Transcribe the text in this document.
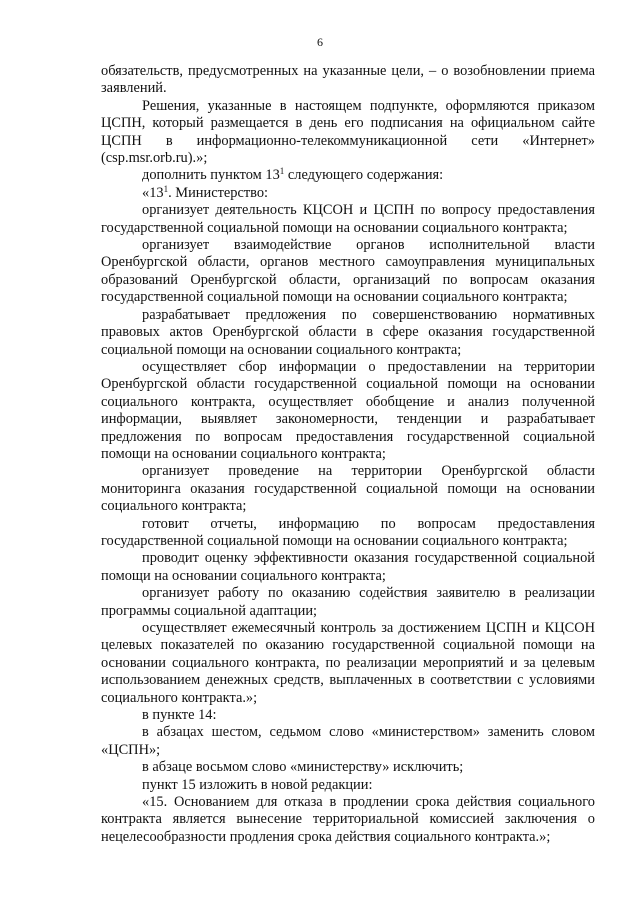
6

обязательств, предусмотренных на указанные цели, – о возобновлении приема заявлений.

Решения, указанные в настоящем подпункте, оформляются приказом ЦСПН, который размещается в день его подписания на официальном сайте ЦСПН в информационно-телекоммуникационной сети «Интернет» (csp.msr.orb.ru).»;

дополнить пунктом $13^1$ следующего содержания:

«$13^1$. Министерство:

организует деятельность КЦСОН и ЦСПН по вопросу предоставления государственной социальной помощи на основании социального контракта;

организует взаимодействие органов исполнительной власти Оренбургской области, органов местного самоуправления муниципальных образований Оренбургской области, организаций по вопросам оказания государственной социальной помощи на основании социального контракта;

разрабатывает предложения по совершенствованию нормативных правовых актов Оренбургской области в сфере оказания государственной социальной помощи на основании социального контракта;

осуществляет сбор информации о предоставлении на территории Оренбургской области государственной социальной помощи на основании социального контракта, осуществляет обобщение и анализ полученной информации, выявляет закономерности, тенденции и разрабатывает предложения по вопросам предоставления государственной социальной помощи на основании социального контракта;

организует проведение на территории Оренбургской области мониторинга оказания государственной социальной помощи на основании социального контракта;

готовит отчеты, информацию по вопросам предоставления государственной социальной помощи на основании социального контракта;

проводит оценку эффективности оказания государственной социальной помощи на основании социального контракта;

организует работу по оказанию содействия заявителю в реализации программы социальной адаптации;

осуществляет ежемесячный контроль за достижением ЦСПН и КЦСОН целевых показателей по оказанию государственной социальной помощи на основании социального контракта, по реализации мероприятий и за целевым использованием денежных средств, выплаченных в соответствии с условиями социального контракта.»;

в пункте 14:

в абзацах шестом, седьмом слово «министерством» заменить словом «ЦСПН»;

в абзаце восьмом слово «министерству» исключить;

пункт 15 изложить в новой редакции:

«15. Основанием для отказа в продлении срока действия социального контракта является вынесение территориальной комиссией заключения о нецелесообразности продления срока действия социального контракта.»;
